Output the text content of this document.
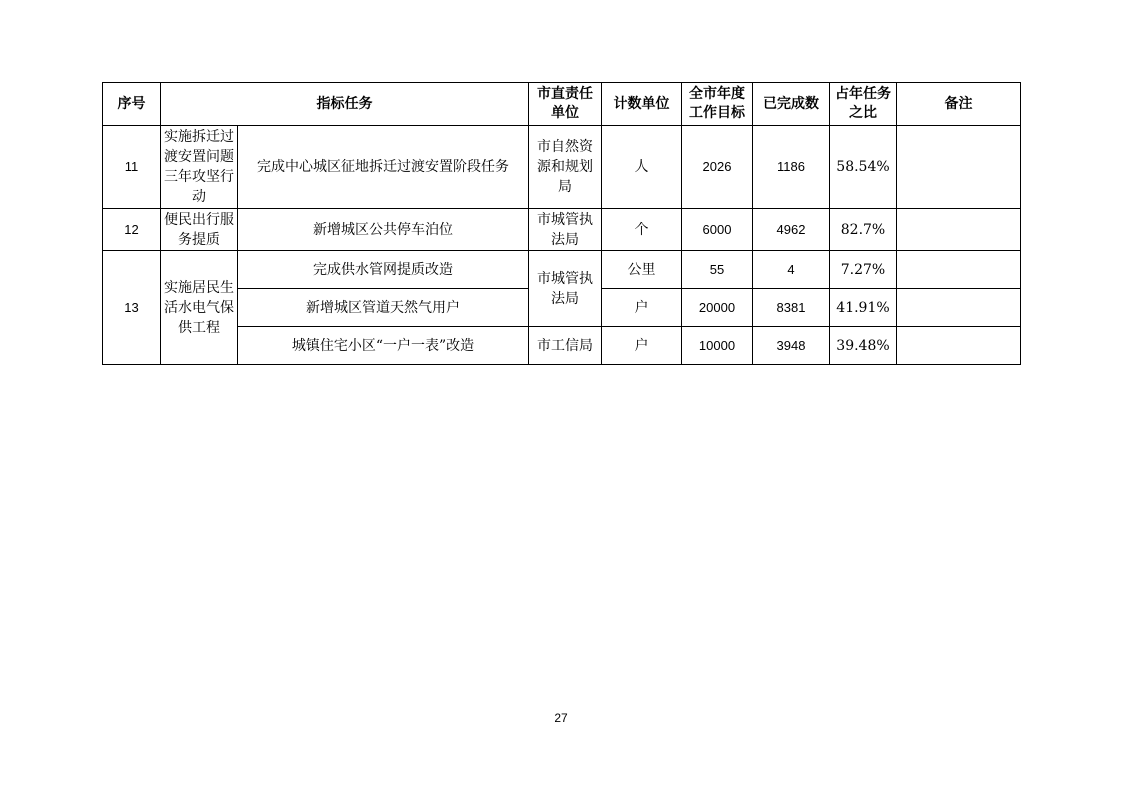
序号	指标任务		市直责任单位	计数单位	全市年度工作目标	已完成数	占年任务之比	备注
11	实施拆迁过渡安置问题三年攻坚行动	完成中心城区征地拆迁过渡安置阶段任务	市自然资源和规划局	人	2026	1186	58.54%	
12	便民出行服务提质	新增城区公共停车泊位	市城管执法局	个	6000	4962	82.7%	
13	实施居民生活水电气保供工程	完成供水管网提质改造	市城管执法局	公里	55	4	7.27%	
		新增城区管道天然气用户		户	20000	8381	41.91%	
		城镇住宅小区“一户一表”改造	市工信局	户	10000	3948	39.48%	
27
